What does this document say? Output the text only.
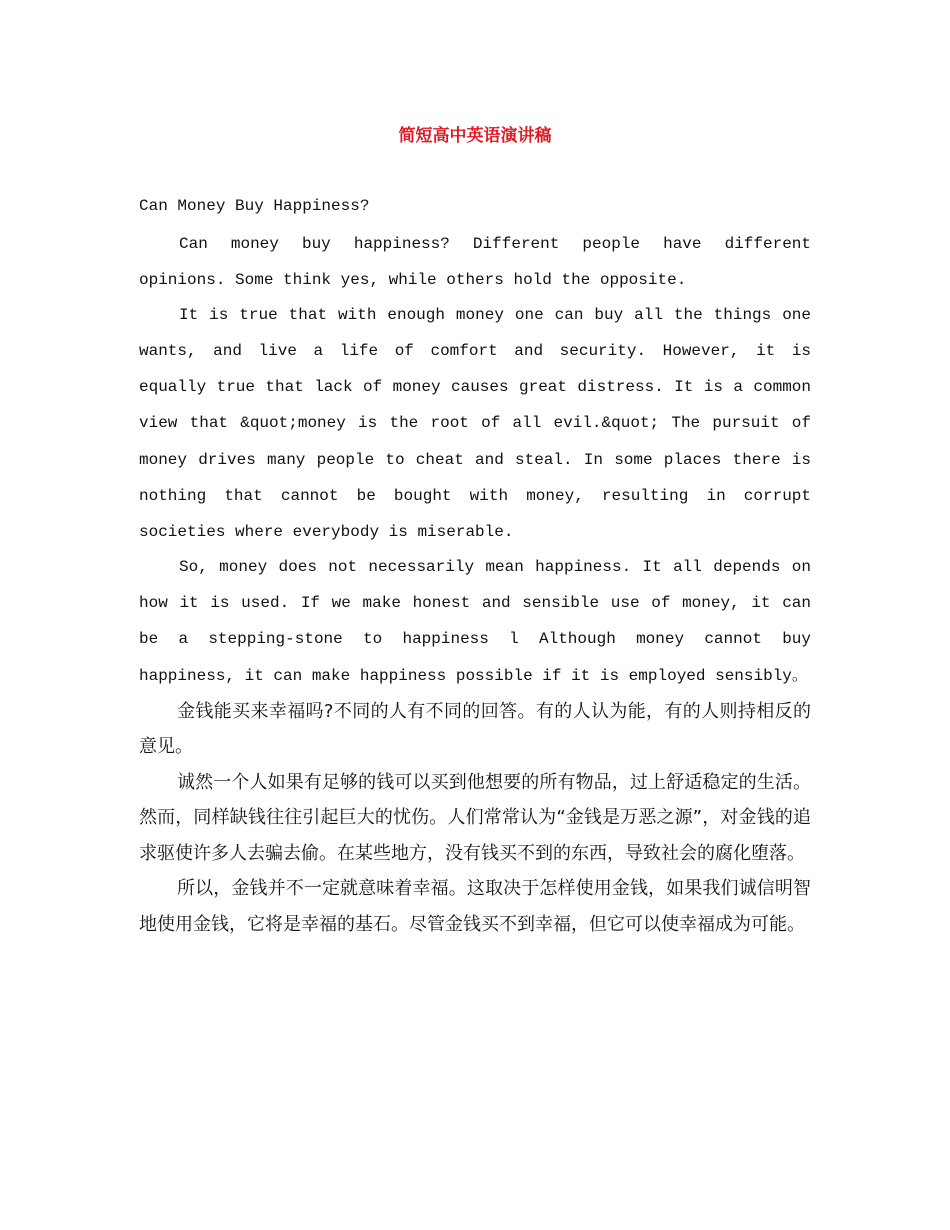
简短高中英语演讲稿

Can Money Buy Happiness?

Can money buy happiness? Different people have different opinions. Some think yes, while others hold the opposite.

It is true that with enough money one can buy all the things one wants, and live a life of comfort and security. However, it is equally true that lack of money causes great distress. It is a common view that &quot;money is the root of all evil.&quot; The pursuit of money drives many people to cheat and steal. In some places there is nothing that cannot be bought with money, resulting in corrupt societies where everybody is miserable.

So, money does not necessarily mean happiness. It all depends on how it is used. If we make honest and sensible use of money, it can be a stepping-stone to happiness l Although money cannot buy happiness, it can make happiness possible if it is employed sensibly。

金钱能买来幸福吗?不同的人有不同的回答。有的人认为能，有的人则持相反的意见。

诚然一个人如果有足够的钱可以买到他想要的所有物品，过上舒适稳定的生活。然而，同样缺钱往往引起巨大的忧伤。人们常常认为“金钱是万恶之源”，对金钱的追求驱使许多人去骗去偷。在某些地方，没有钱买不到的东西，导致社会的腐化堕落。

所以，金钱并不一定就意味着幸福。这取决于怎样使用金钱，如果我们诚信明智地使用金钱，它将是幸福的基石。尽管金钱买不到幸福，但它可以使幸福成为可能。
